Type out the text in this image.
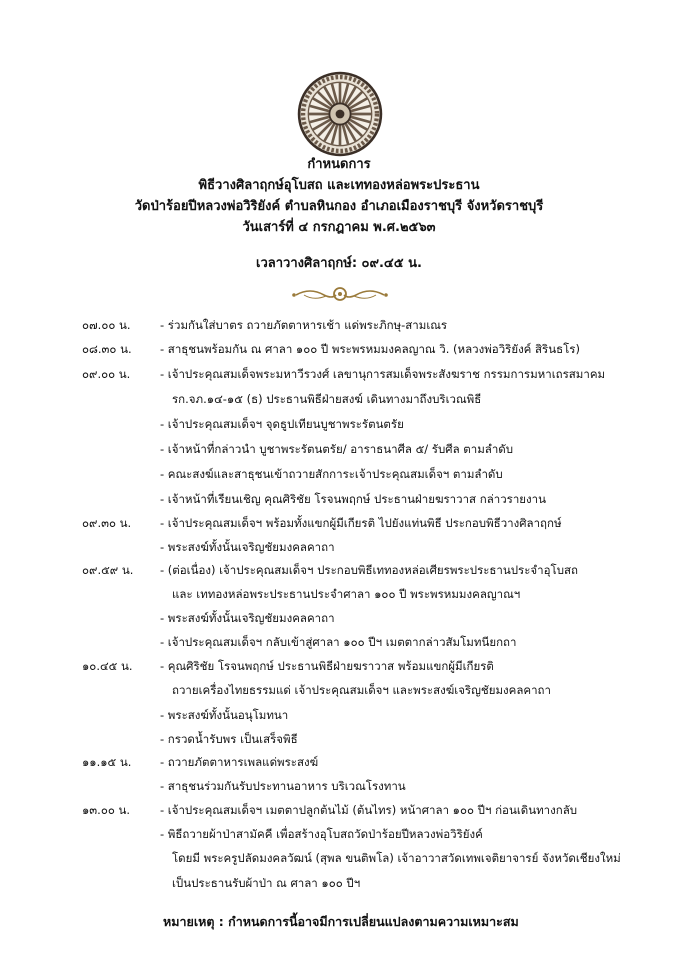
กำหนดการ
พิธีวางศิลาฤกษ์อุโบสถ และเททองหล่อพระประธาน
วัดป่าร้อยปีหลวงพ่อวิริยังค์ ตำบลหินกอง อำเภอเมืองราชบุรี จังหวัดราชบุรี
วันเสาร์ที่ ๔ กรกฎาคม พ.ศ.๒๕๖๓
เวลาวางศิลาฤกษ์: ๐๙.๔๕ น.
๐๗.๐๐ น.	- ร่วมกันใส่บาตร ถวายภัตตาหารเช้า แด่พระภิกษุ-สามเณร
๐๘.๓๐ น. - สาธุชนพร้อมกัน ณ ศาลา ๑๐๐ ปี พระพรหมมงคลญาณ วิ. (หลวงพ่อวิริยังค์ สิรินธโร)
๐๙.๐๐ น.	- เจ้าประคุณสมเด็จพระมหาวีรวงศ์ เลขานุการสมเด็จพระสังฆราช กรรมการมหาเถรสมาคม
รก.จภ.๑๔-๑๕ (ธ) ประธานพิธีฝ่ายสงฆ์ เดินทางมาถึงบริเวณพิธี
- เจ้าประคุณสมเด็จฯ จุดธูปเทียนบูชาพระรัตนตรัย
- เจ้าหน้าที่กล่าวนำ บูชาพระรัตนตรัย/ อาราธนาศีล ๕/ รับศีล ตามลำดับ
- คณะสงฆ์และสาธุชนเข้าถวายสักการะเจ้าประคุณสมเด็จฯ ตามลำดับ
- เจ้าหน้าที่เรียนเชิญ คุณศิริชัย โรจนพฤกษ์ ประธานฝ่ายฆราวาส กล่าวรายงาน
๐๙.๓๐ น.	- เจ้าประคุณสมเด็จฯ พร้อมทั้งแขกผู้มีเกียรติ ไปยังแท่นพิธี ประกอบพิธีวางศิลาฤกษ์
- พระสงฆ์ทั้งนั้นเจริญชัยมงคลคาถา
๐๙.๕๙ น. - (ต่อเนื่อง) เจ้าประคุณสมเด็จฯ ประกอบพิธีเททองหล่อเศียรพระประธานประจำอุโบสถ
และ เททองหล่อพระประธานประจำศาลา ๑๐๐ ปี พระพรหมมงคลญาณฯ
- พระสงฆ์ทั้งนั้นเจริญชัยมงคลคาถา
- เจ้าประคุณสมเด็จฯ กลับเข้าสู่ศาลา ๑๐๐ ปีฯ เมตตากล่าวสัมโมทนียกถา
๑๐.๔๕ น. - คุณศิริชัย โรจนพฤกษ์ ประธานพิธีฝ่ายฆราวาส พร้อมแขกผู้มีเกียรติ
ถวายเครื่องไทยธรรมแด่ เจ้าประคุณสมเด็จฯ และพระสงฆ์เจริญชัยมงคลคาถา
- พระสงฆ์ทั้งนั้นอนุโมทนา
- กรวดน้ำรับพร เป็นเสร็จพิธี
๑๑.๑๕ น. - ถวายภัตตาหารเพลแด่พระสงฆ์
- สาธุชนร่วมกันรับประทานอาหาร บริเวณโรงทาน
๑๓.๐๐ น.	- เจ้าประคุณสมเด็จฯ เมตตาปลูกต้นไม้ (ต้นไทร) หน้าศาลา ๑๐๐ ปีฯ ก่อนเดินทางกลับ
- พิธีถวายผ้าป่าสามัคคี เพื่อสร้างอุโบสถวัดป่าร้อยปีหลวงพ่อวิริยังค์
โดยมี พระครูปลัดมงคลวัฒน์ (สุพล ขนติพโล) เจ้าอาวาสวัดเทพเจติยาจารย์ จังหวัดเชียงใหม่
เป็นประธานรับผ้าป่า ณ ศาลา ๑๐๐ ปีฯ
หมายเหตุ : กำหนดการนี้อาจมีการเปลี่ยนแปลงตามความเหมาะสม
